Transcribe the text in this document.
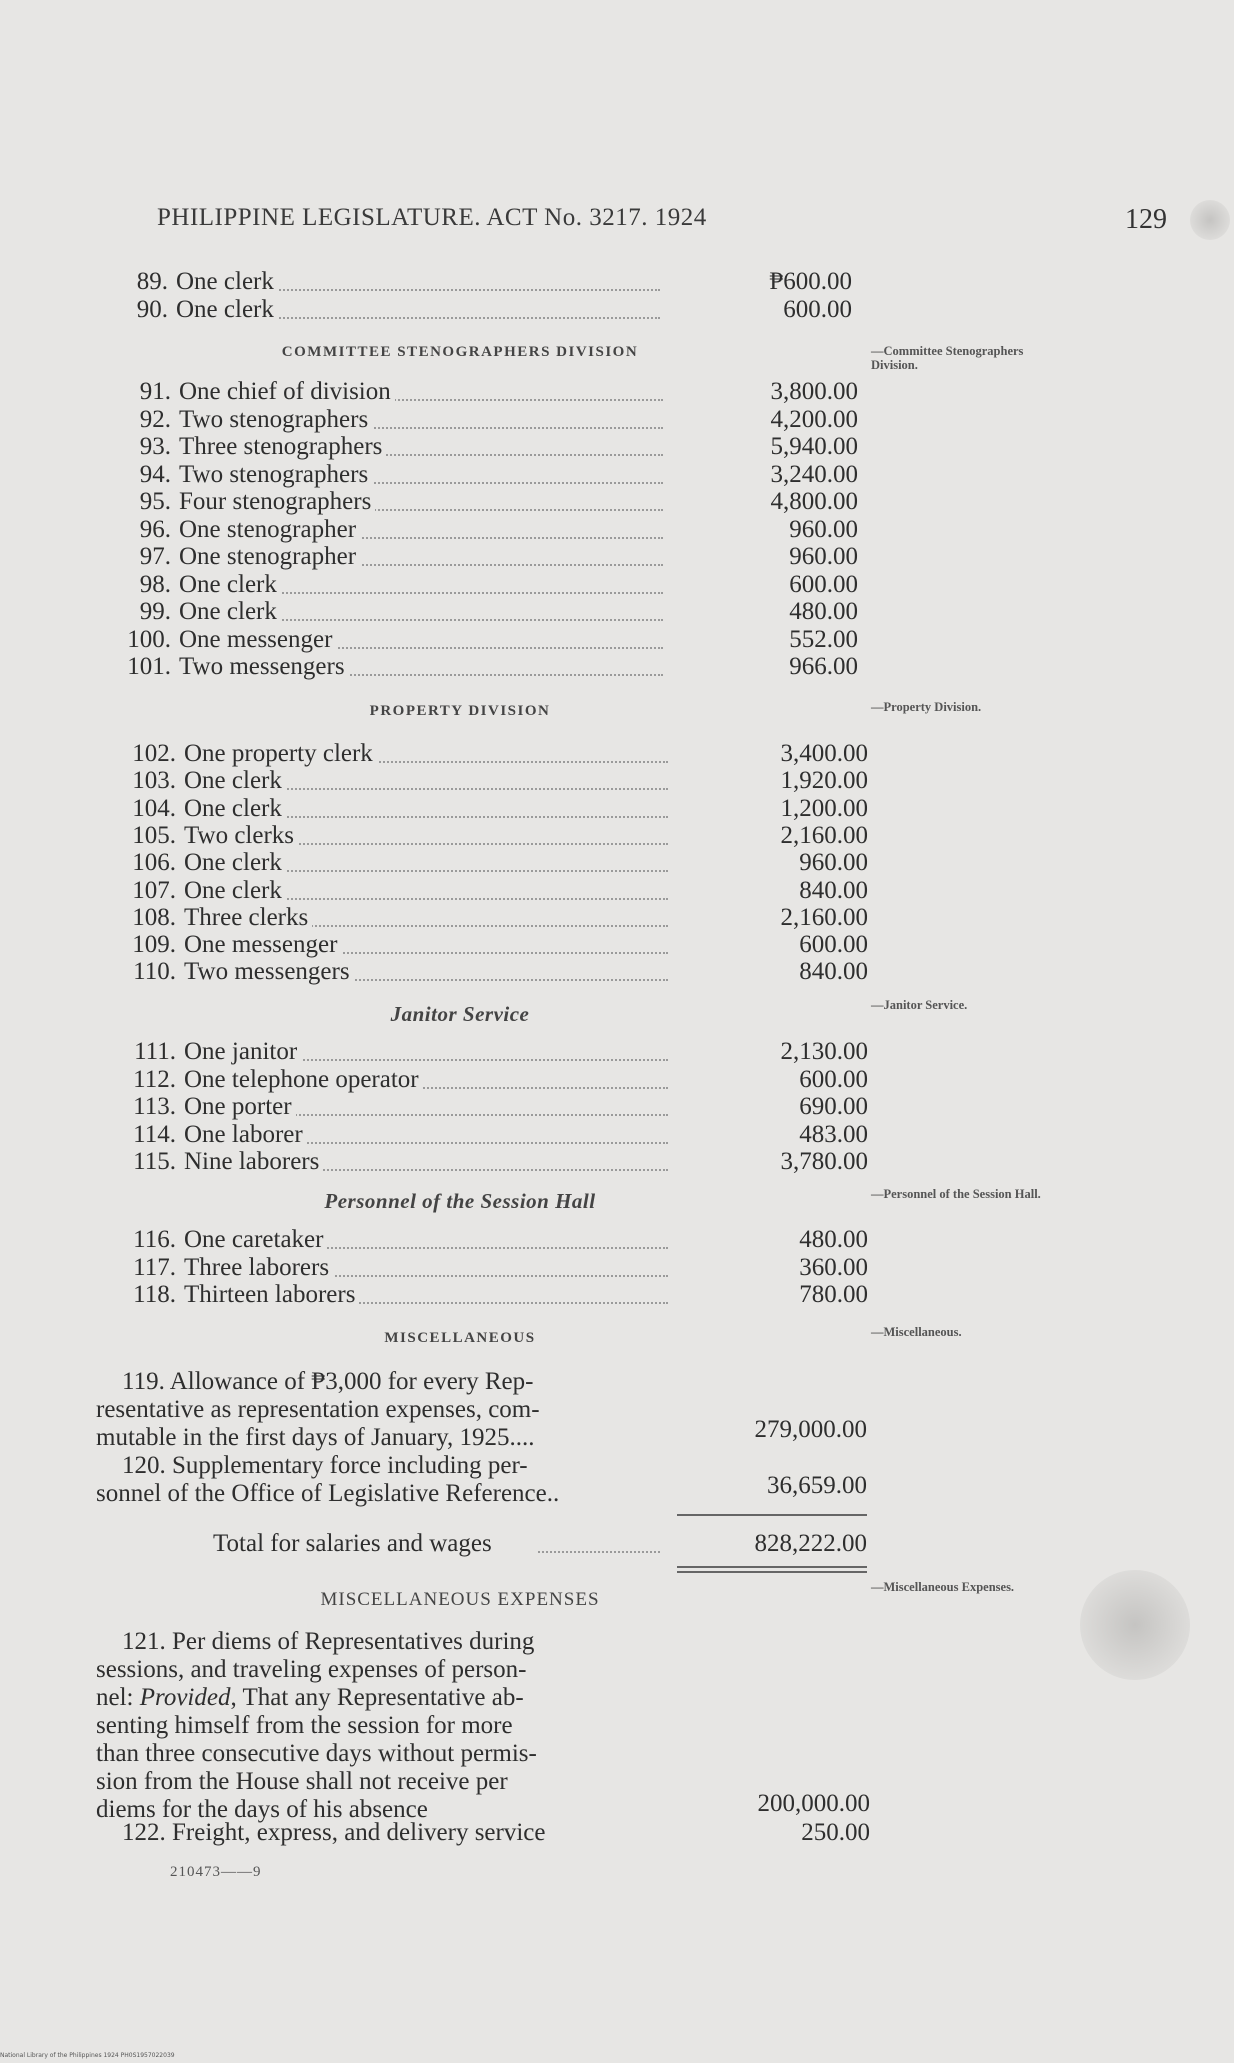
PHILIPPINE LEGISLATURE. ACT No. 3217. 1924	129
89. One clerk	₱600.00
90. One clerk	600.00
91. One chief of division	3,800.00
92. Two stenographers	4,200.00
93. Three stenographers	5,940.00
94. Two stenographers	3,240.00
95. Four stenographers	4,800.00
96. One stenographer	960.00
97. One stenographer	960.00
98. One clerk	600.00
99. One clerk	480.00
100. One messenger	552.00
101. Two messengers	966.00
102. One property clerk	3,400.00
103. One clerk	1,920.00
104. One clerk	1,200.00
105. Two clerks	2,160.00
106. One clerk	960.00
107. One clerk	840.00
108. Three clerks	2,160.00
109. One messenger	600.00
110. Two messengers	840.00
111. One janitor	2,130.00
112. One telephone operator	600.00
113. One porter	690.00
114. One laborer	483.00
115. Nine laborers	3,780.00
116. One caretaker	480.00
117. Three laborers	360.00
118. Thirteen laborers	780.00
COMMITTEE STENOGRAPHERS DIVISION
PROPERTY DIVISION
Janitor Service
Personnel of the Session Hall
MISCELLANEOUS
MISCELLANEOUS EXPENSES
—Committee Stenographers Division.
—Property Division.
—Janitor Service.
—Personnel of the Session Hall.
—Miscellaneous.
—Miscellaneous Expenses.
119. Allowance of ₱3,000 for every Rep-
resentative as representation expenses, com-
mutable in the first days of January, 1925....	279,000.00
120. Supplementary force including per-
sonnel of the Office of Legislative Reference..	36,659.00
Total for salaries and wages	828,222.00
121. Per diems of Representatives during
sessions, and traveling expenses of person-
nel: Provided, That any Representative ab-
senting himself from the session for more
than three consecutive days without permis-
sion from the House shall not receive per
diems for the days of his absence	200,000.00
122. Freight, express, and delivery service	250.00
210473——9
National Library of the Philippines 1924 PH0S1957022039
